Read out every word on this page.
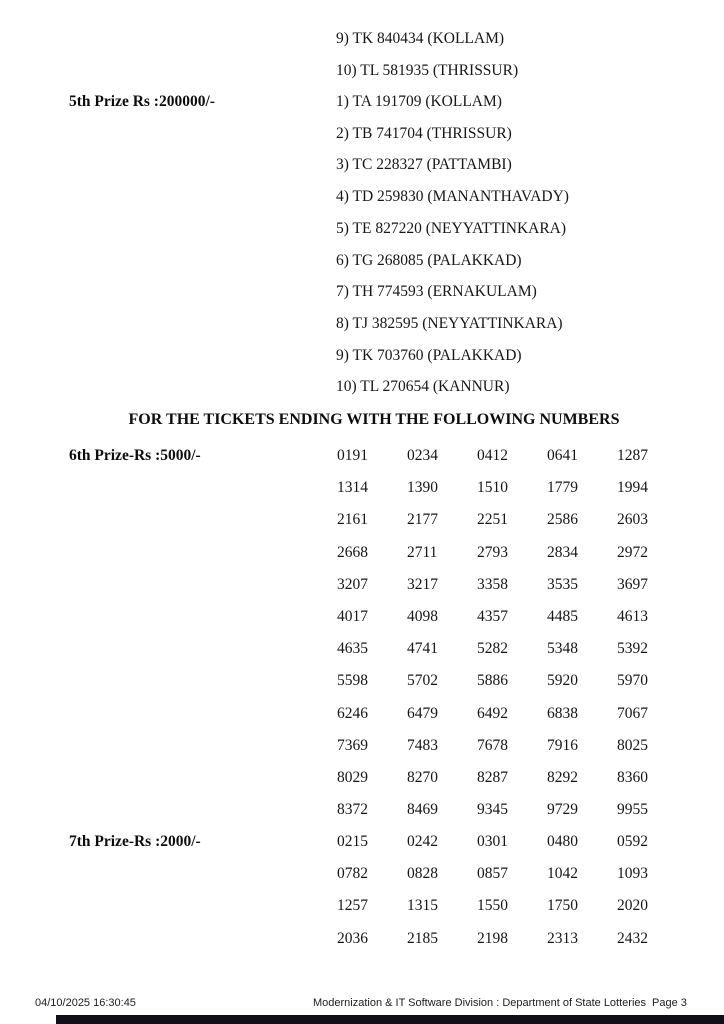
9) TK 840434 (KOLLAM)
10) TL 581935 (THRISSUR)
5th Prize Rs :200000/-	1) TA 191709 (KOLLAM)
2) TB 741704 (THRISSUR)
3) TC 228327 (PATTAMBI)
4) TD 259830 (MANANTHAVADY)
5) TE 827220 (NEYYATTINKARA)
6) TG 268085 (PALAKKAD)
7) TH 774593 (ERNAKULAM)
8) TJ 382595 (NEYYATTINKARA)
9) TK 703760 (PALAKKAD)
10) TL 270654 (KANNUR)
FOR THE TICKETS ENDING WITH THE FOLLOWING NUMBERS
6th Prize-Rs :5000/-	0191	0234	0412	0641	1287
1314	1390	1510	1779	1994
2161	2177	2251	2586	2603
2668	2711	2793	2834	2972
3207	3217	3358	3535	3697
4017	4098	4357	4485	4613
4635	4741	5282	5348	5392
5598	5702	5886	5920	5970
6246	6479	6492	6838	7067
7369	7483	7678	7916	8025
8029	8270	8287	8292	8360
8372	8469	9345	9729	9955
7th Prize-Rs :2000/-	0215	0242	0301	0480	0592
0782	0828	0857	1042	1093
1257	1315	1550	1750	2020
2036	2185	2198	2313	2432
04/10/2025 16:30:45	Modernization & IT Software Division : Department of State Lotteries Page 3
